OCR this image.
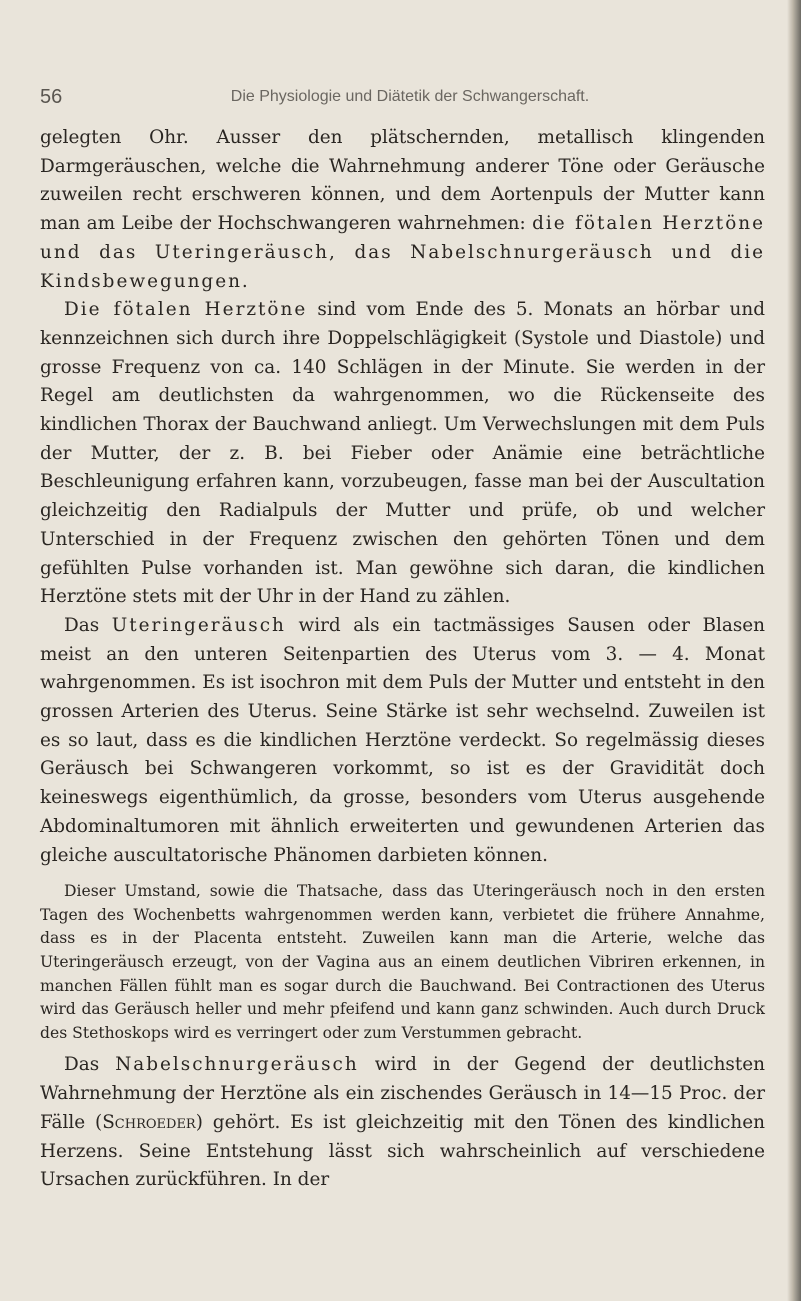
56	Die Physiologie und Diätetik der Schwangerschaft.

gelegten Ohr. Ausser den plätschernden, metallisch klingenden Darmgeräuschen, welche die Wahrnehmung anderer Töne oder Geräusche zuweilen recht erschweren können, und dem Aortenpuls der Mutter kann man am Leibe der Hochschwangeren wahrnehmen: die fötalen Herztöne und das Uteringeräusch, das Nabelschnurgeräusch und die Kindsbewegungen.

Die fötalen Herztöne sind vom Ende des 5. Monats an hörbar und kennzeichnen sich durch ihre Doppelschlägigkeit (Systole und Diastole) und grosse Frequenz von ca. 140 Schlägen in der Minute. Sie werden in der Regel am deutlichsten da wahrgenommen, wo die Rückenseite des kindlichen Thorax der Bauchwand anliegt. Um Verwechslungen mit dem Puls der Mutter, der z. B. bei Fieber oder Anämie eine beträchtliche Beschleunigung erfahren kann, vorzubeugen, fasse man bei der Auscultation gleichzeitig den Radialpuls der Mutter und prüfe, ob und welcher Unterschied in der Frequenz zwischen den gehörten Tönen und dem gefühlten Pulse vorhanden ist. Man gewöhne sich daran, die kindlichen Herztöne stets mit der Uhr in der Hand zu zählen.

Das Uteringeräusch wird als ein tactmässiges Sausen oder Blasen meist an den unteren Seitenpartien des Uterus vom 3. — 4. Monat wahrgenommen. Es ist isochron mit dem Puls der Mutter und entsteht in den grossen Arterien des Uterus. Seine Stärke ist sehr wechselnd. Zuweilen ist es so laut, dass es die kindlichen Herztöne verdeckt. So regelmässig dieses Geräusch bei Schwangeren vorkommt, so ist es der Gravidität doch keineswegs eigenthümlich, da grosse, besonders vom Uterus ausgehende Abdominaltumoren mit ähnlich erweiterten und gewundenen Arterien das gleiche auscultatorische Phänomen darbieten können.

Dieser Umstand, sowie die Thatsache, dass das Uteringeräusch noch in den ersten Tagen des Wochenbetts wahrgenommen werden kann, verbietet die frühere Annahme, dass es in der Placenta entsteht. Zuweilen kann man die Arterie, welche das Uteringeräusch erzeugt, von der Vagina aus an einem deutlichen Vibriren erkennen, in manchen Fällen fühlt man es sogar durch die Bauchwand. Bei Contractionen des Uterus wird das Geräusch heller und mehr pfeifend und kann ganz schwinden. Auch durch Druck des Stethoskops wird es verringert oder zum Verstummen gebracht.

Das Nabelschnurgeräusch wird in der Gegend der deutlichsten Wahrnehmung der Herztöne als ein zischendes Geräusch in 14—15 Proc. der Fälle (Schroeder) gehört. Es ist gleichzeitig mit den Tönen des kindlichen Herzens. Seine Entstehung lässt sich wahrscheinlich auf verschiedene Ursachen zurückführen. In der
